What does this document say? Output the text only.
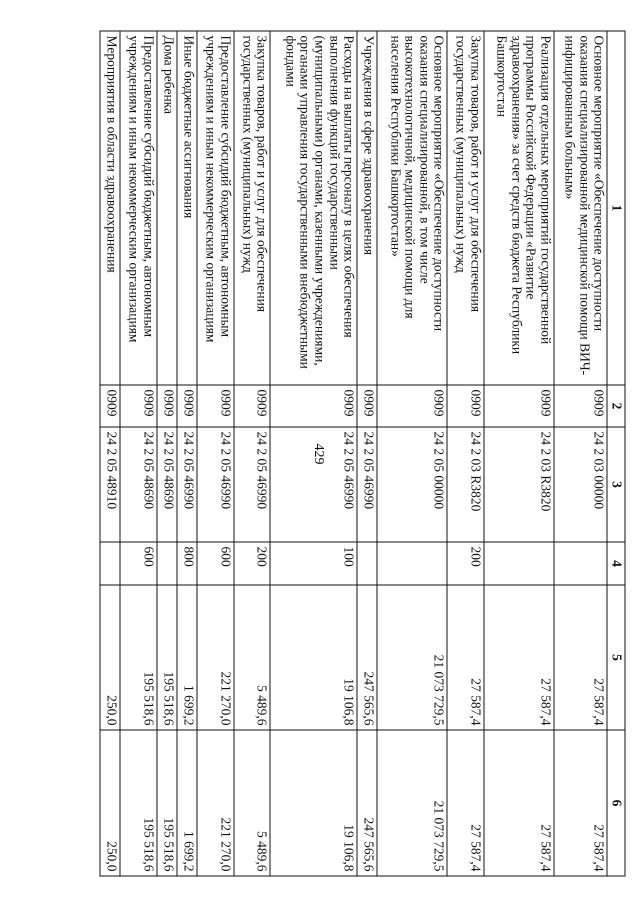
429
1	2	3	4	5	6
Основное мероприятие «Обеспечение доступности оказания специализированной медицинской помощи ВИЧ-инфицированным больным»	0909	24 2 03 00000		27 587,4	27 587,4
Реализация отдельных мероприятий государственной программы Российской Федерации «Развитие здравоохранения» за счет средств бюджета Республики Башкортостан	0909	24 2 03 R3820		27 587,4	27 587,4
Закупка товаров, работ и услуг для обеспечения государственных (муниципальных) нужд	0909	24 2 03 R3820	200	27 587,4	27 587,4
Основное мероприятие «Обеспечение доступности оказания специализированной, в том числе высокотехнологичной, медицинской помощи для населения Республики Башкортостан»	0909	24 2 05 00000		21 073 729,5	21 073 729,5
Учреждения в сфере здравоохранения	0909	24 2 05 46990		247 565,6	247 565,6
Расходы на выплаты персоналу в целях обеспечения выполнения функций государственными (муниципальными) органами, казенными учреждениями, органами управления государственными внебюджетными фондами	0909	24 2 05 46990	100	19 106,8	19 106,8
Закупка товаров, работ и услуг для обеспечения государственных (муниципальных) нужд	0909	24 2 05 46990	200	5 489,6	5 489,6
Предоставление субсидий бюджетным, автономным учреждениям и иным некоммерческим организациям	0909	24 2 05 46990	600	221 270,0	221 270,0
Иные бюджетные ассигнования	0909	24 2 05 46990	800	1 699,2	1 699,2
Дома ребенка	0909	24 2 05 48690		195 518,6	195 518,6
Предоставление субсидий бюджетным, автономным учреждениям и иным некоммерческим организациям	0909	24 2 05 48690	600	195 518,6	195 518,6
Мероприятия в области здравоохранения	0909	24 2 05 48910		250,0	250,0
